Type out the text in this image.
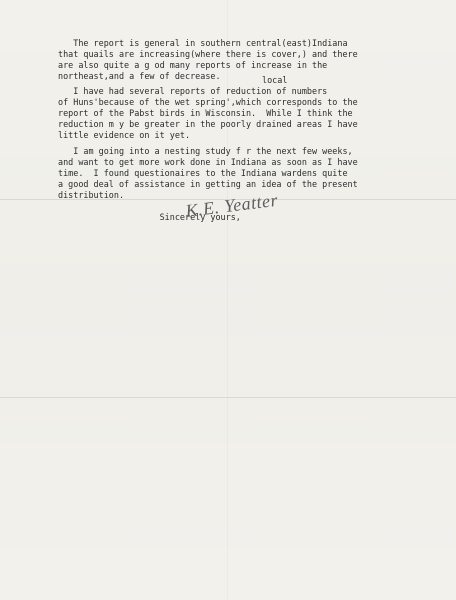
The report is general in southern central(east)Indiana
that quails are increasing(where there is cover,) and there
are also quite a g od many reports of increase in the
northeast,and a few of decrease.	local
I have had several reports of reduction of numbers
of Huns'because of the wet spring',which corresponds to the
report of the Pabst birds in Wisconsin.  While I think the
reduction m y be greater in the poorly drained areas I have
little evidence on it yet.
I am going into a nesting study f r the next few weeks,
and want to get more work done in Indiana as soon as I have
time.  I found questionaires to the Indiana wardens quite
a good deal of assistance in getting an idea of the present
distribution.
Sincerely yours,
K.E. Yeatter
